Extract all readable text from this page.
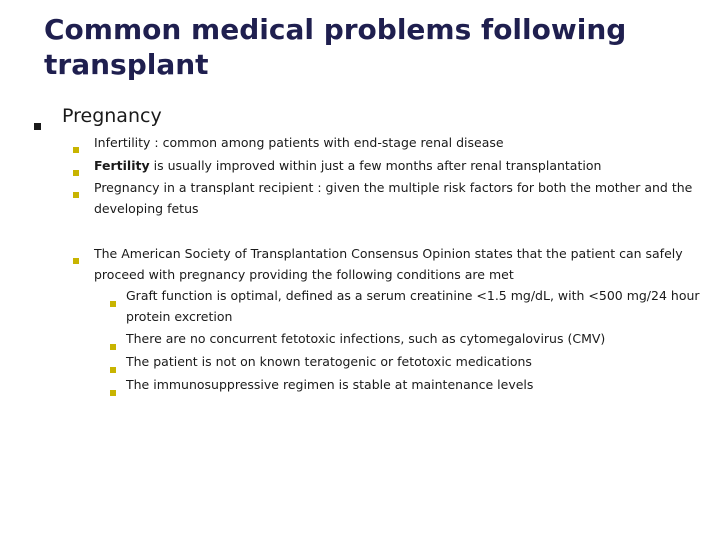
Common medical problems following transplant
Pregnancy
Infertility : common among patients with end-stage renal disease
Fertility is usually improved within just a few months after renal transplantation
Pregnancy in a transplant recipient : given the multiple risk factors for both the mother and the developing fetus
The American Society of Transplantation Consensus Opinion states that the patient can safely proceed with pregnancy providing the following conditions are met
Graft function is optimal, defined as a serum creatinine <1.5 mg/dL, with <500 mg/24 hour protein excretion
There are no concurrent fetotoxic infections, such as cytomegalovirus (CMV)
The patient is not on known teratogenic or fetotoxic medications
The immunosuppressive regimen is stable at maintenance levels
